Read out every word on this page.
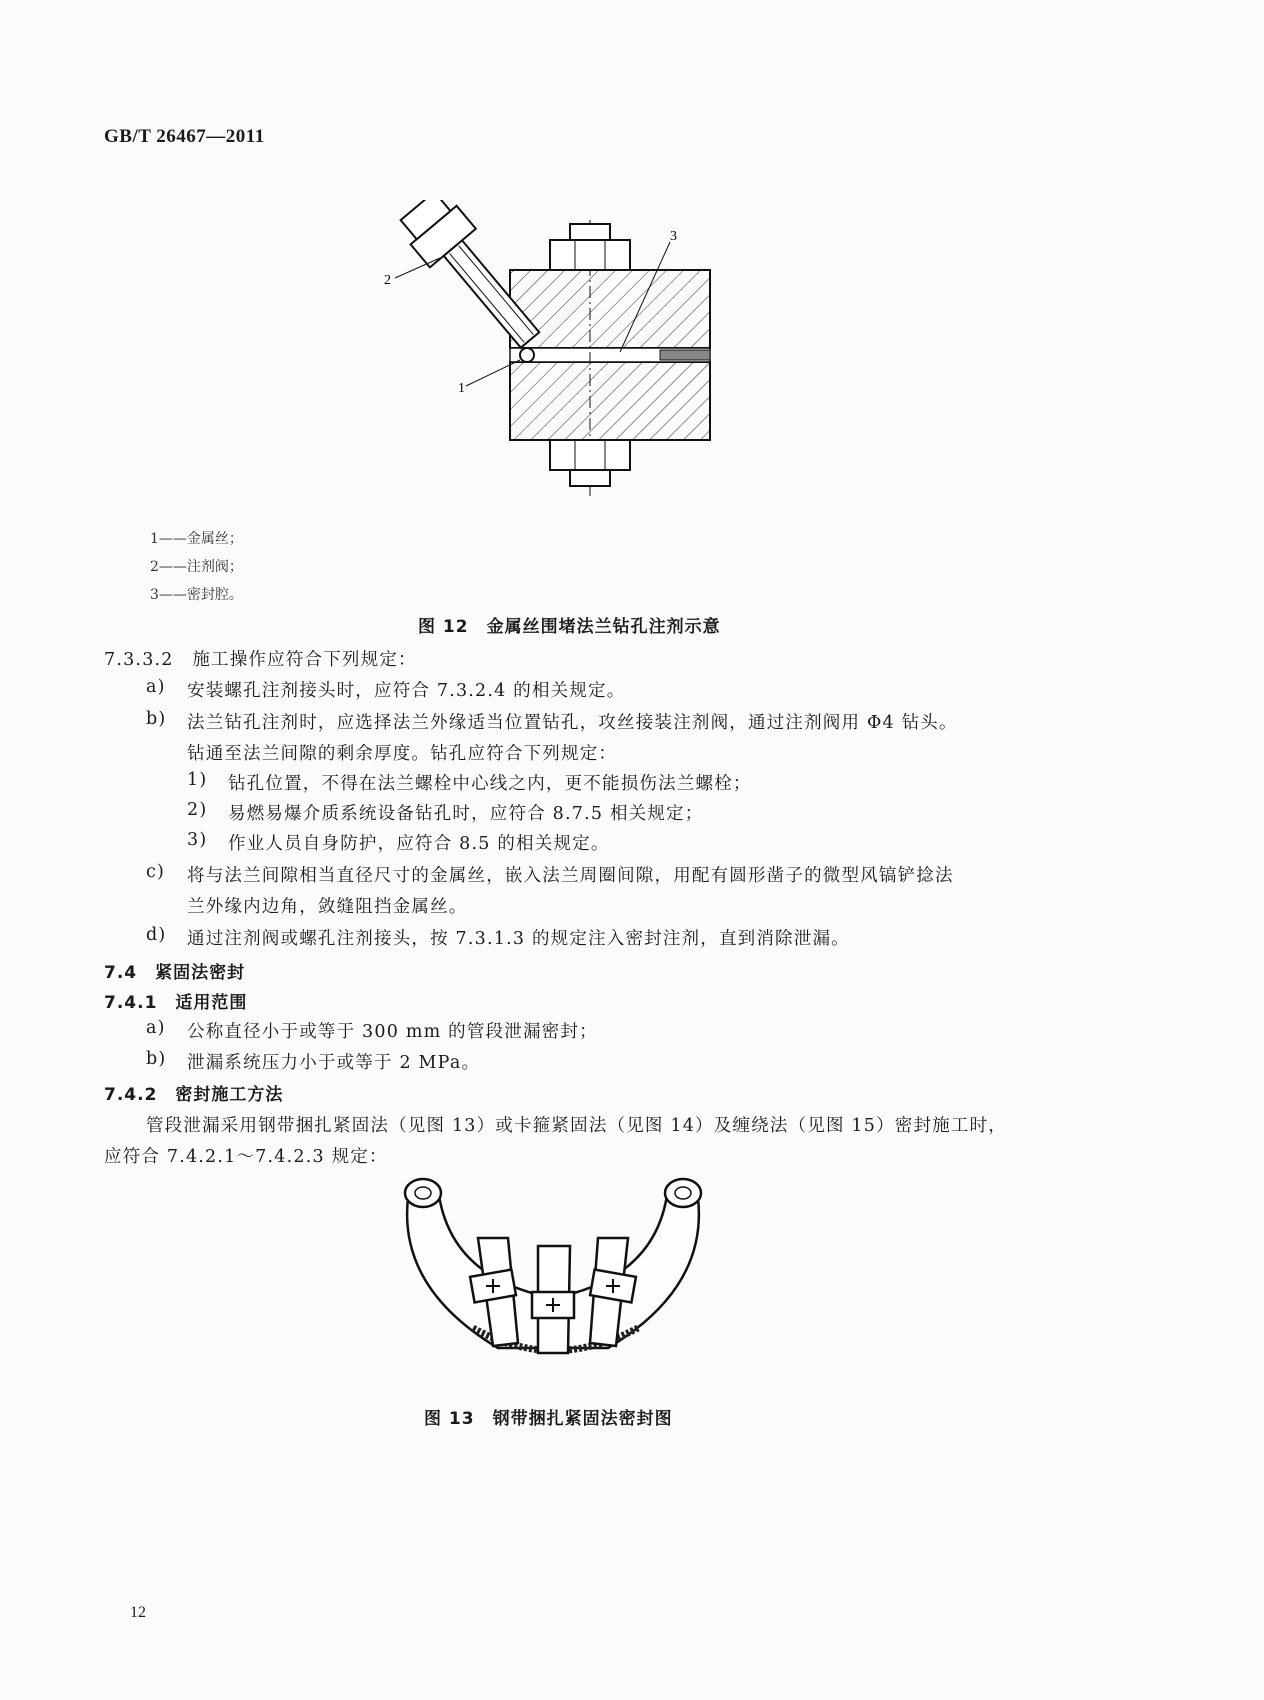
GB/T 26467—2011
2
1
3
1——金属丝；
2——注剂阀；
3——密封腔。
图 12　金属丝围堵法兰钻孔注剂示意
7.3.3.2　施工操作应符合下列规定：
a) 安装螺孔注剂接头时，应符合 7.3.2.4 的相关规定。
b) 法兰钻孔注剂时，应选择法兰外缘适当位置钻孔，攻丝接装注剂阀，通过注剂阀用 Φ4 钻头。
钻通至法兰间隙的剩余厚度。钻孔应符合下列规定：
1) 钻孔位置，不得在法兰螺栓中心线之内，更不能损伤法兰螺栓；
2) 易燃易爆介质系统设备钻孔时，应符合 8.7.5 相关规定；
3) 作业人员自身防护，应符合 8.5 的相关规定。
c) 将与法兰间隙相当直径尺寸的金属丝，嵌入法兰周圈间隙，用配有圆形凿子的微型风镐铲捻法
兰外缘内边角，敛缝阻挡金属丝。
d) 通过注剂阀或螺孔注剂接头，按 7.3.1.3 的规定注入密封注剂，直到消除泄漏。
7.4　紧固法密封
7.4.1　适用范围
a) 公称直径小于或等于 300 mm 的管段泄漏密封；
b) 泄漏系统压力小于或等于 2 MPa。
7.4.2　密封施工方法
管段泄漏采用钢带捆扎紧固法（见图 13）或卡箍紧固法（见图 14）及缠绕法（见图 15）密封施工时，
应符合 7.4.2.1～7.4.2.3 规定：
图 13　钢带捆扎紧固法密封图
12
